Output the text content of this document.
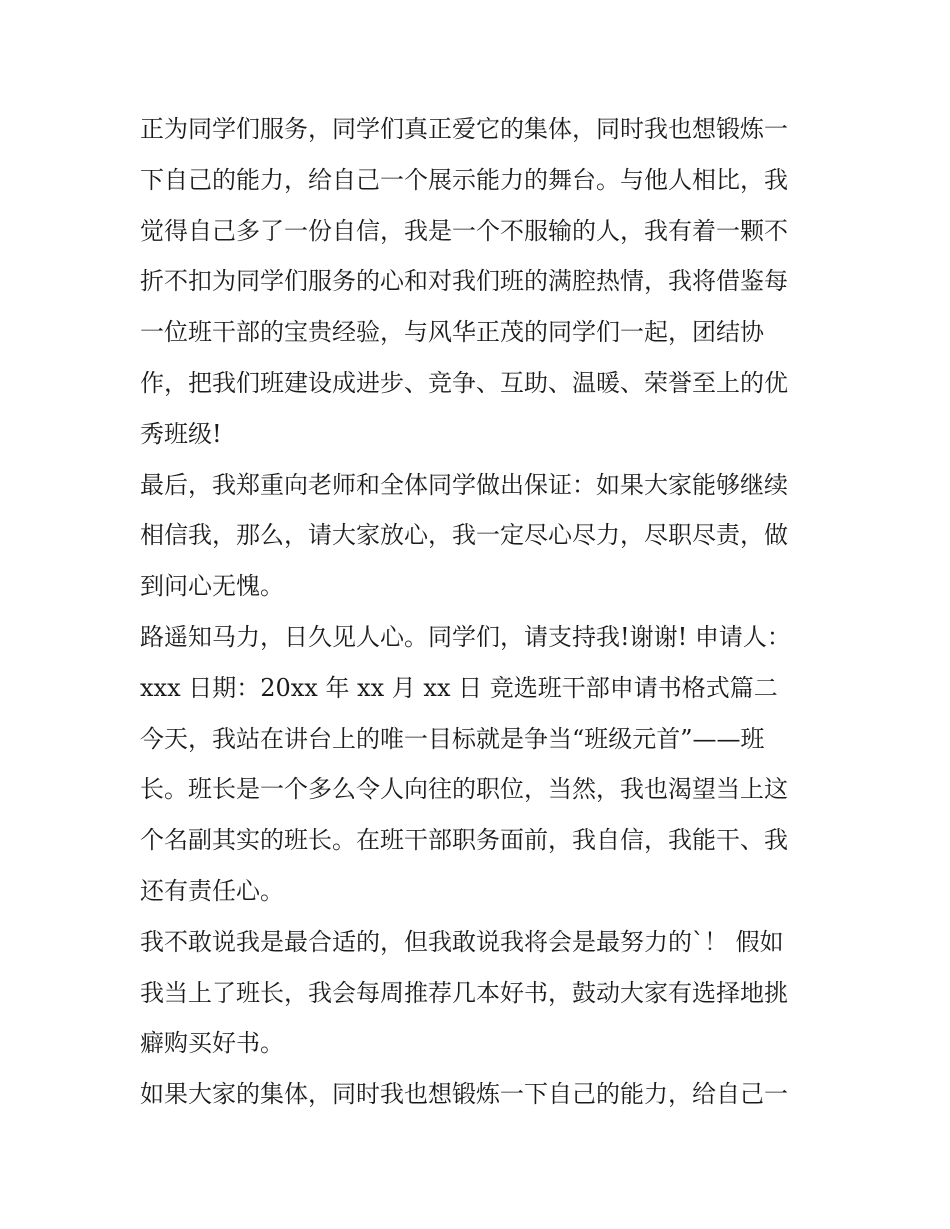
正为同学们服务，同学们真正爱它的集体，同时我也想锻炼一
下自己的能力，给自己一个展示能力的舞台。与他人相比，我
觉得自己多了一份自信，我是一个不服输的人，我有着一颗不
折不扣为同学们服务的心和对我们班的满腔热情，我将借鉴每
一位班干部的宝贵经验，与风华正茂的同学们一起，团结协
作，把我们班建设成进步、竞争、互助、温暖、荣誉至上的优
秀班级!
最后，我郑重向老师和全体同学做出保证：如果大家能够继续
相信我，那么，请大家放心，我一定尽心尽力，尽职尽责，做
到问心无愧。
路遥知马力，日久见人心。同学们，请支持我!谢谢! 申请人：
xxx 日期：20xx 年 xx 月 xx 日 竞选班干部申请书格式篇二
今天，我站在讲台上的唯一目标就是争当“班级元首”——班
长。班长是一个多么令人向往的职位，当然，我也渴望当上这
个名副其实的班长。在班干部职务面前，我自信，我能干、我
还有责任心。
我不敢说我是最合适的，但我敢说我将会是最努力的`！ 假如
我当上了班长，我会每周推荐几本好书，鼓动大家有选择地挑
癖购买好书。
如果大家的集体，同时我也想锻炼一下自己的能力，给自己一
